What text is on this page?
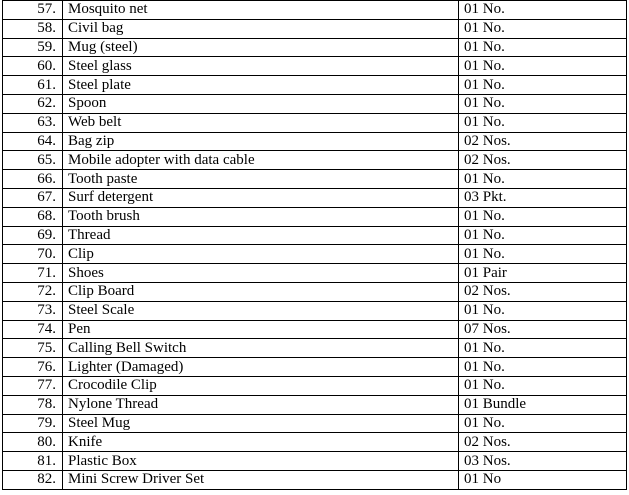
57.	Mosquito net	01 No.
58.	Civil bag	01 No.
59.	Mug (steel)	01 No.
60.	Steel glass	01 No.
61.	Steel plate	01 No.
62.	Spoon	01 No.
63.	Web belt	01 No.
64.	Bag zip	02 Nos.
65.	Mobile adopter with data cable	02 Nos.
66.	Tooth paste	01 No.
67.	Surf detergent	03 Pkt.
68.	Tooth brush	01 No.
69.	Thread	01 No.
70.	Clip	01 No.
71.	Shoes	01 Pair
72.	Clip Board	02 Nos.
73.	Steel Scale	01 No.
74.	Pen	07 Nos.
75.	Calling Bell Switch	01 No.
76.	Lighter (Damaged)	01 No.
77.	Crocodile Clip	01 No.
78.	Nylone Thread	01 Bundle
79.	Steel Mug	01 No.
80.	Knife	02 Nos.
81.	Plastic Box	03 Nos.
82.	Mini Screw Driver Set	01 No
